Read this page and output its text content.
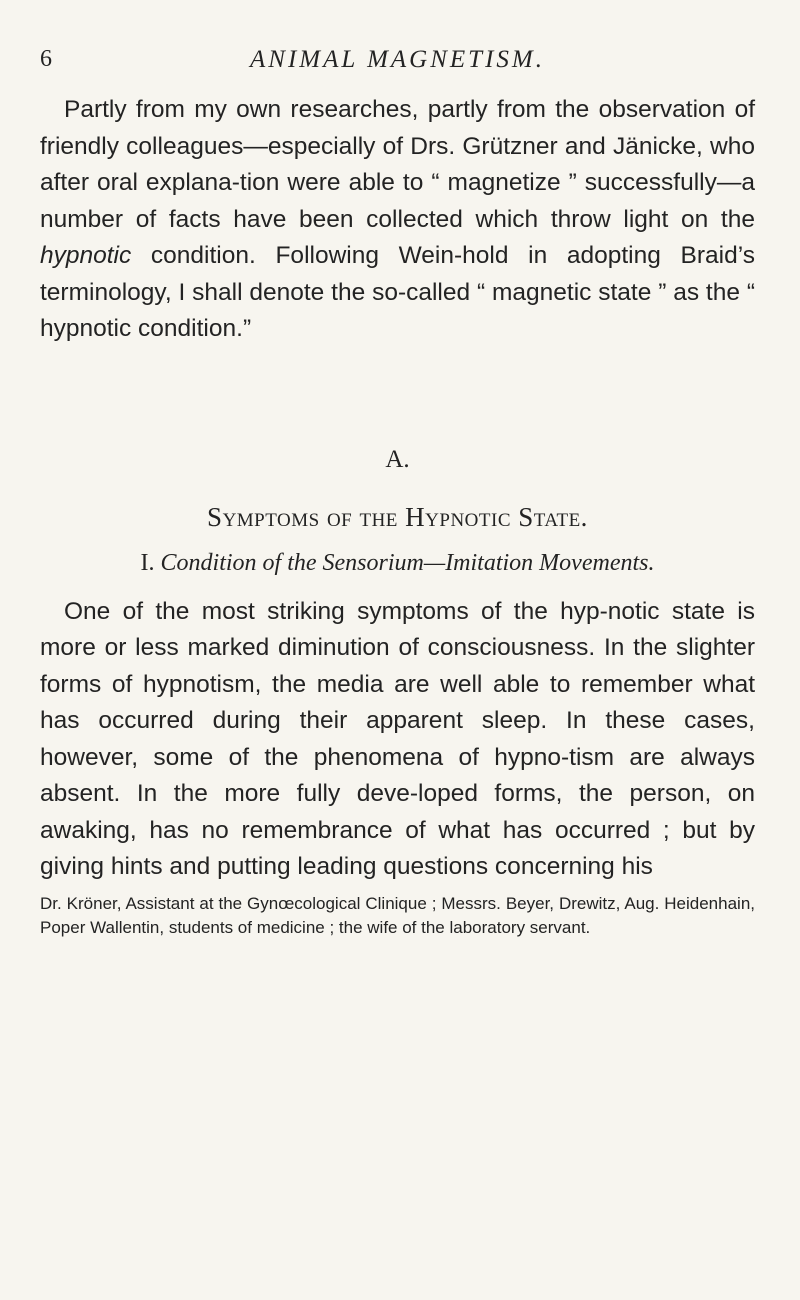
6	ANIMAL MAGNETISM.

Partly from my own researches, partly from the observation of friendly colleagues—especially of Drs. Grützner and Jänicke, who after oral explana-tion were able to “ magnetize ” successfully—a number of facts have been collected which throw light on the hypnotic condition. Following Wein-hold in adopting Braid’s terminology, I shall denote the so-called “ magnetic state ” as the “ hypnotic condition.”

A.
Symptoms of the Hypnotic State.
I. Condition of the Sensorium—Imitation Movements.

One of the most striking symptoms of the hyp-notic state is more or less marked diminution of consciousness. In the slighter forms of hypnotism, the media are well able to remember what has occurred during their apparent sleep. In these cases, however, some of the phenomena of hypno-tism are always absent. In the more fully deve-loped forms, the person, on awaking, has no remembrance of what has occurred ; but by giving hints and putting leading questions concerning his

Dr. Kröner, Assistant at the Gynœcological Clinique ; Messrs. Beyer, Drewitz, Aug. Heidenhain, Poper Wallentin, students of medicine ; the wife of the laboratory servant.
